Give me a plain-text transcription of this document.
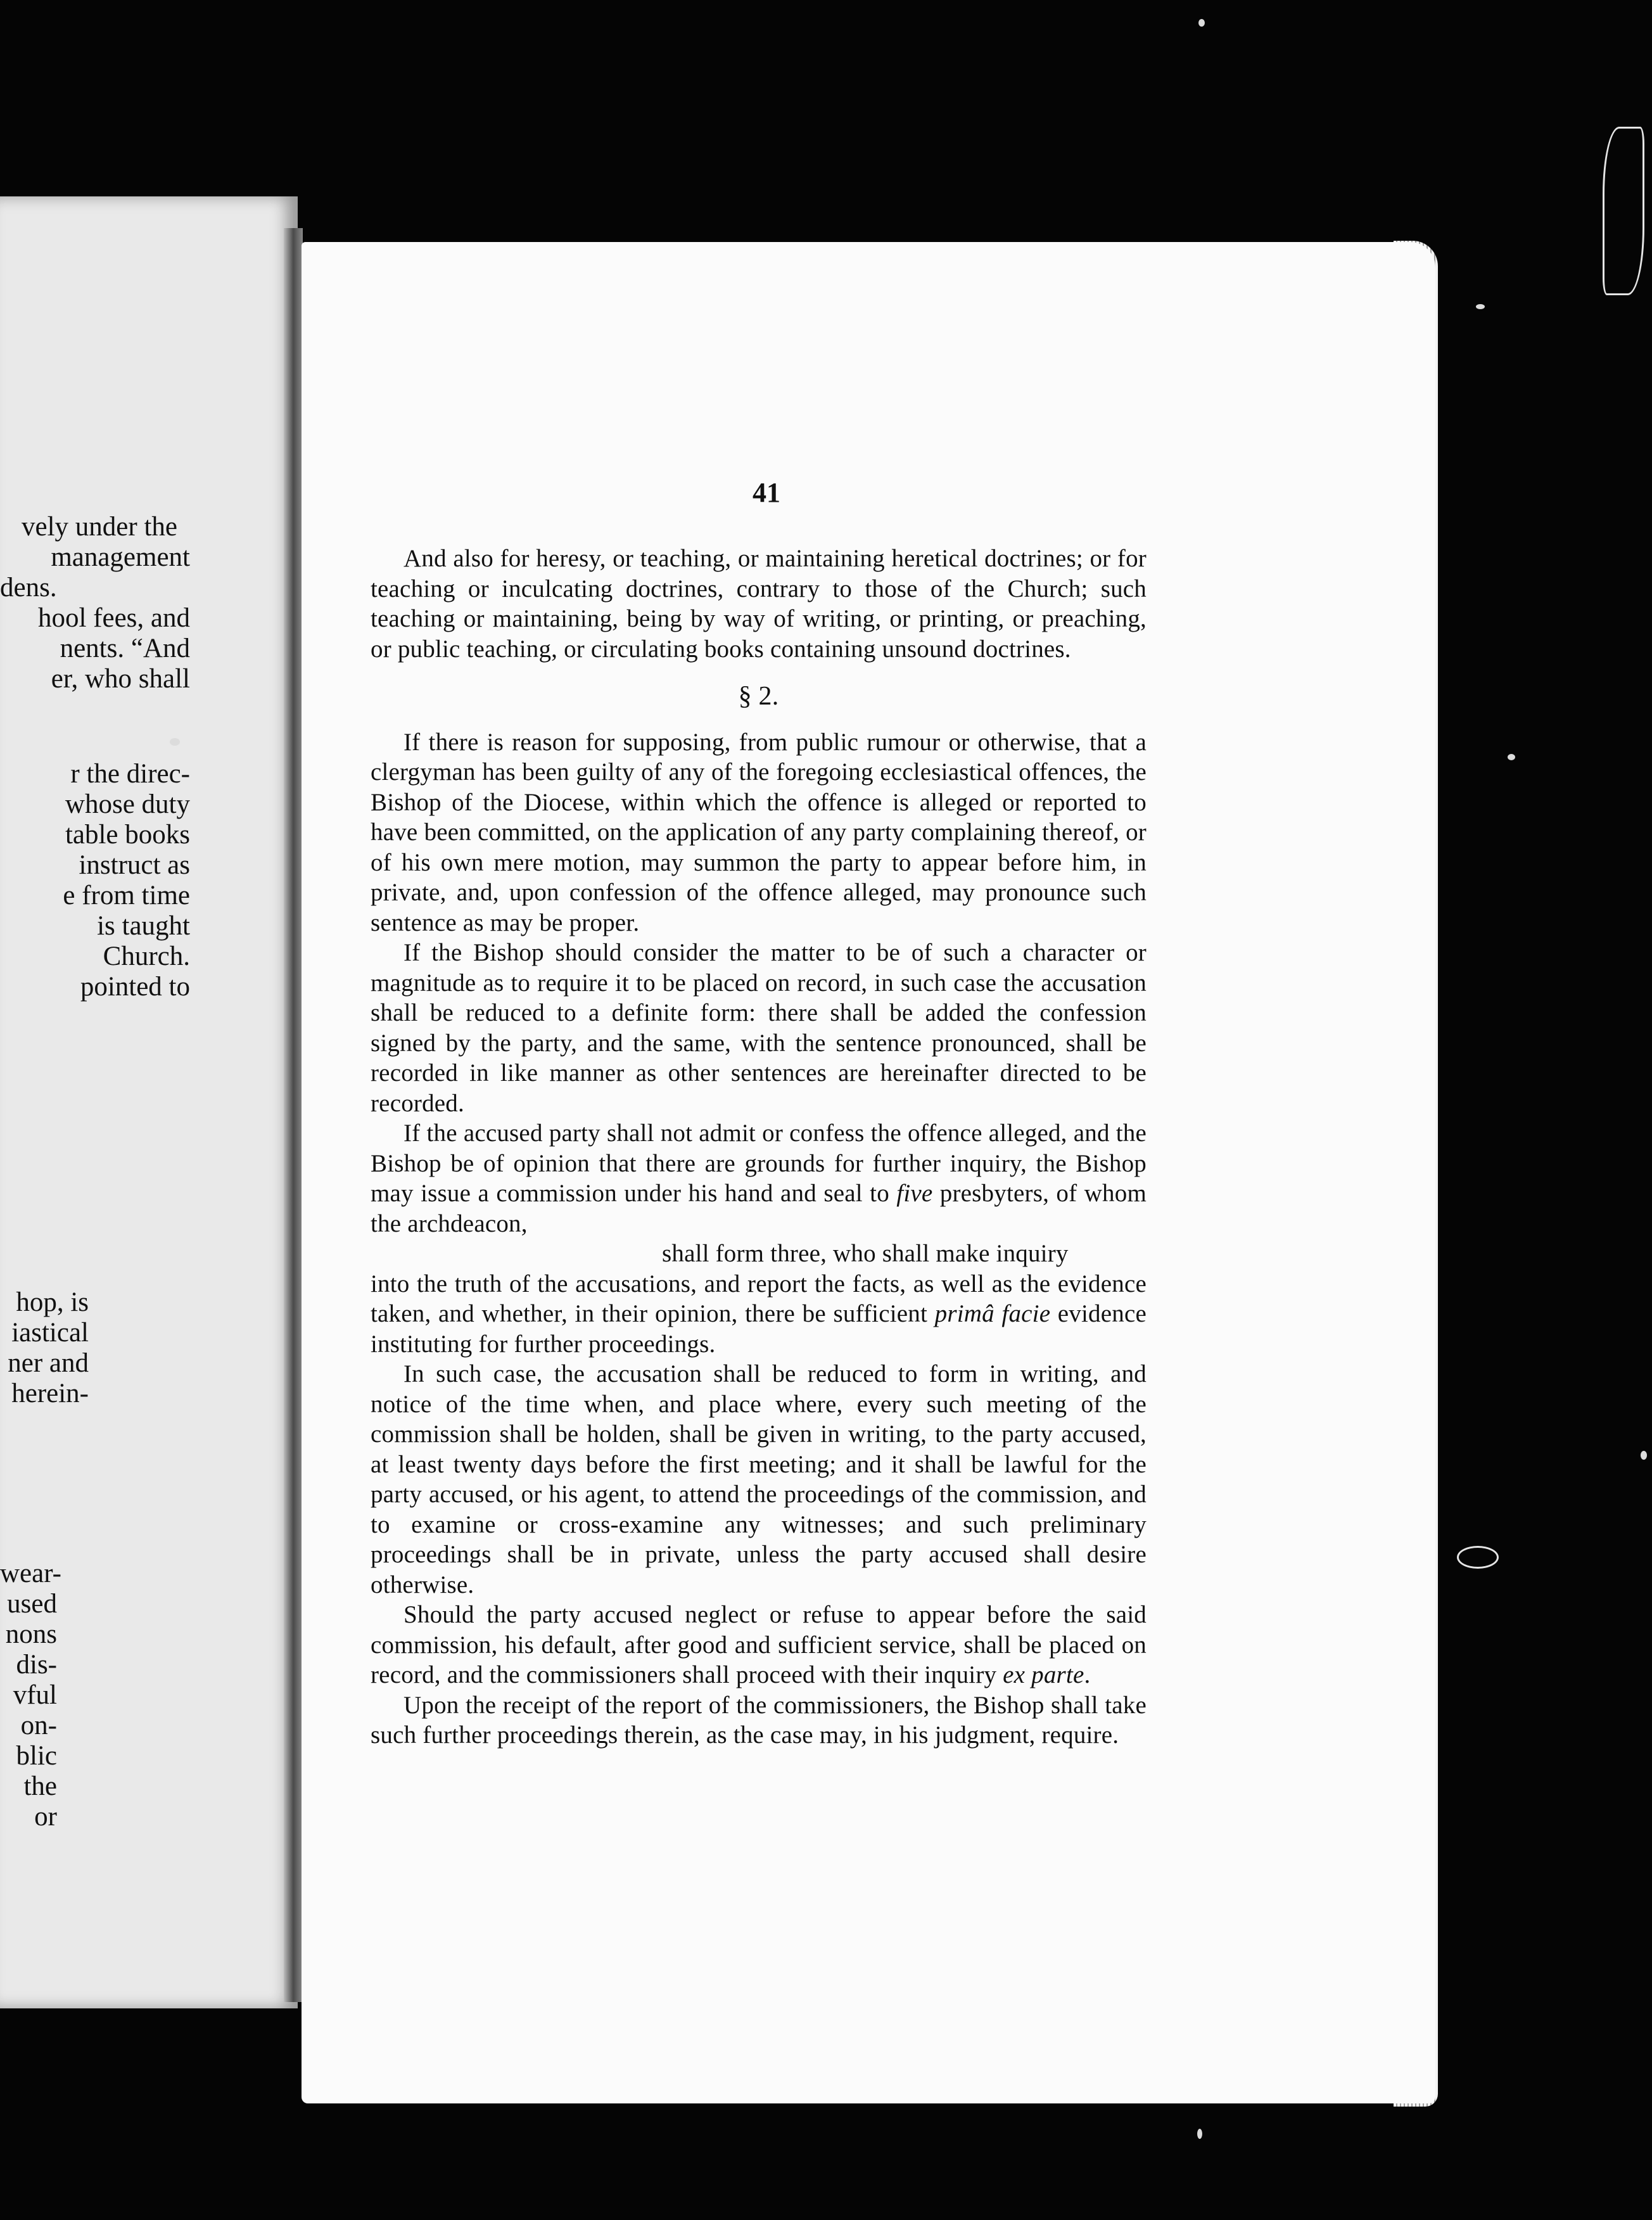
vely under the
management
dens.
hool fees, and
nents. “And
er, who shall
r the direc-
whose duty
table books
instruct as
e from time
is taught
Church.
pointed to
hop, is
iastical
ner and
herein-
wear-
used
nons
dis-
vful
on-
blic
the
or
41

And also for heresy, or teaching, or maintaining heretical doctrines; or for teaching or inculcating doctrines, contrary to those of the Church; such teaching or maintaining, being by way of writing, or printing, or preaching, or public teaching, or circulating books containing unsound doctrines.

§ 2.

If there is reason for supposing, from public rumour or otherwise, that a clergyman has been guilty of any of the foregoing ecclesiastical offences, the Bishop of the Diocese, within which the offence is alleged or reported to have been committed, on the application of any party complaining thereof, or of his own mere motion, may summon the party to appear before him, in private, and, upon confession of the offence alleged, may pronounce such sentence as may be proper.

If the Bishop should consider the matter to be of such a character or magnitude as to require it to be placed on record, in such case the accusation shall be reduced to a definite form: there shall be added the confession signed by the party, and the same, with the sentence pronounced, shall be recorded in like manner as other sentences are hereinafter directed to be recorded.

If the accused party shall not admit or confess the offence alleged, and the Bishop be of opinion that there are grounds for further inquiry, the Bishop may issue a commission under his hand and seal to five presbyters, of whom the archdeacon,

shall form three, who shall make inquiry
into the truth of the accusations, and report the facts, as well as the evidence taken, and whether, in their opinion, there be sufficient primâ facie evidence instituting for further proceedings.

In such case, the accusation shall be reduced to form in writing, and notice of the time when, and place where, every such meeting of the commission shall be holden, shall be given in writing, to the party accused, at least twenty days before the first meeting; and it shall be lawful for the party accused, or his agent, to attend the proceedings of the commission, and to examine or cross-examine any witnesses; and such preliminary proceedings shall be in private, unless the party accused shall desire otherwise.

Should the party accused neglect or refuse to appear before the said commission, his default, after good and sufficient service, shall be placed on record, and the commissioners shall proceed with their inquiry ex parte.

Upon the receipt of the report of the commissioners, the Bishop shall take such further proceedings therein, as the case may, in his judgment, require.
